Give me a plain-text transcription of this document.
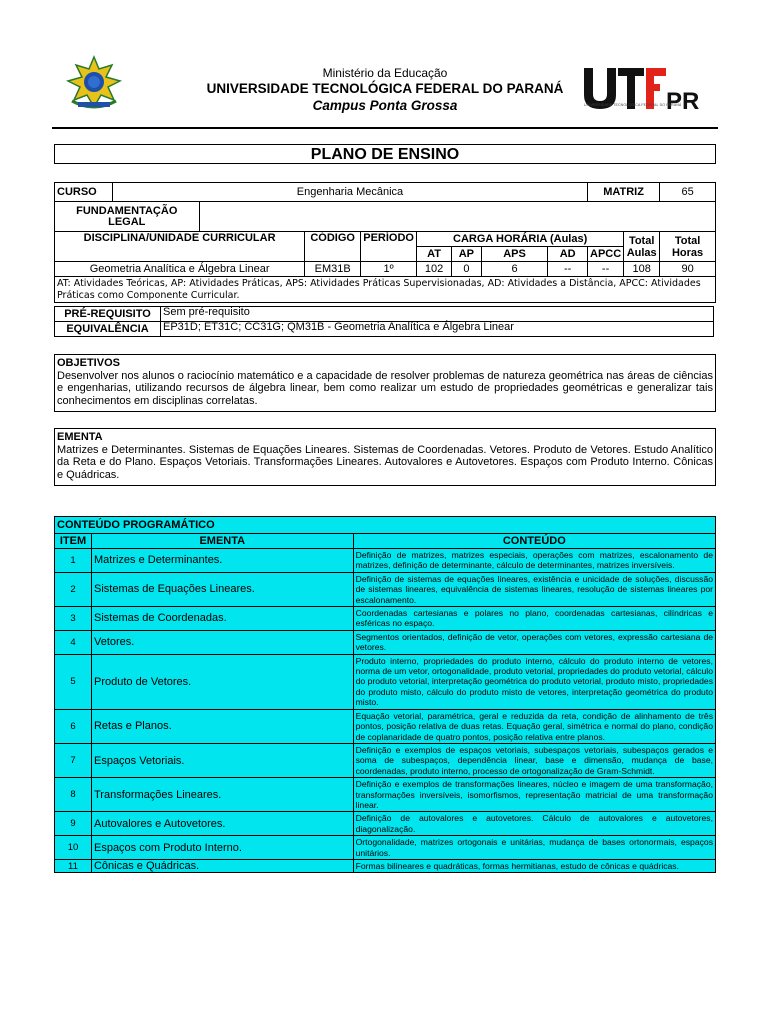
Ministério da Educação
UNIVERSIDADE TECNOLÓGICA FEDERAL DO PARANÁ
Campus Ponta Grossa	PR
UNIVERSIDADE TECNOLÓGICA FEDERAL DO PARANÁ
PLANO DE ENSINO
CURSO	Engenharia Mecânica								MATRIZ		65
FUNDAMENTAÇÃO LEGAL											
DISCIPLINA/UNIDADE CURRICULAR			CÓDIGO	PERÍODO	CARGA HORÁRIA (Aulas)					Total Aulas	Total Horas
					AT	AP	APS	AD	APCC		
Geometria Analítica e Álgebra Linear			EM31B	1º	102	0	6	--	--	108	90
AT: Atividades Teóricas, AP: Atividades Práticas, APS: Atividades Práticas Supervisionadas, AD: Atividades a Distância, APCC: Atividades Práticas como Componente Curricular.											
PRÉ-REQUISITO	Sem pré-requisito
EQUIVALÊNCIA	EP31D; ET31C; CC31G; QM31B - Geometria Analítica e Álgebra Linear
OBJETIVOS
Desenvolver nos alunos o raciocínio matemático e a capacidade de resolver problemas de natureza geométrica nas áreas de ciências e engenharias, utilizando recursos de álgebra linear, bem como realizar um estudo de propriedades geométricas e generalizar tais conhecimentos em disciplinas correlatas.
EMENTA
Matrizes e Determinantes. Sistemas de Equações Lineares. Sistemas de Coordenadas. Vetores. Produto de Vetores. Estudo Analítico da Reta e do Plano. Espaços Vetoriais. Transformações Lineares. Autovalores e Autovetores. Espaços com Produto Interno. Cônicas e Quádricas.
CONTEÚDO PROGRAMÁTICO		
ITEM	EMENTA	CONTEÚDO
1	Matrizes e Determinantes.	Definição de matrizes, matrizes especiais, operações com matrizes, escalonamento de matrizes, definição de determinante, cálculo de determinantes, matrizes inversíveis.
2	Sistemas de Equações Lineares.	Definição de sistemas de equações lineares, existência e unicidade de soluções, discussão de sistemas lineares, equivalência de sistemas lineares, resolução de sistemas lineares por escalonamento.
3	Sistemas de Coordenadas.	Coordenadas cartesianas e polares no plano, coordenadas cartesianas, cilíndricas e esféricas no espaço.
4	Vetores.	Segmentos orientados, definição de vetor, operações com vetores, expressão cartesiana de vetores.
5	Produto de Vetores.	Produto interno, propriedades do produto interno, cálculo do produto interno de vetores, norma de um vetor, ortogonalidade, produto vetorial, propriedades do produto vetorial, cálculo do produto vetorial, interpretação geométrica do produto vetorial, produto misto, propriedades do produto misto, cálculo do produto misto de vetores, interpretação geométrica do produto misto.
6	Retas e Planos.	Equação vetorial, paramétrica, geral e reduzida da reta, condição de alinhamento de três pontos, posição relativa de duas retas. Equação geral, simétrica e normal do plano, condição de coplanaridade de quatro pontos, posição relativa entre planos.
7	Espaços Vetoriais.	Definição e exemplos de espaços vetoriais, subespaços vetoriais, subespaços gerados e soma de subespaços, dependência linear, base e dimensão, mudança de base, coordenadas, produto interno, processo de ortogonalização de Gram-Schmidt.
8	Transformações Lineares.	Definição e exemplos de transformações lineares, núcleo e imagem de uma transformação, transformações inversíveis, isomorfismos, representação matricial de uma transformação linear.
9	Autovalores e Autovetores.	Definição de autovalores e autovetores. Cálculo de autovalores e autovetores, diagonalização.
10	Espaços com Produto Interno.	Ortogonalidade, matrizes ortogonais e unitárias, mudança de bases ortonormais, espaços unitários.
11	Cônicas e Quádricas.	Formas bilineares e quadráticas, formas hermitianas, estudo de cônicas e quádricas.
